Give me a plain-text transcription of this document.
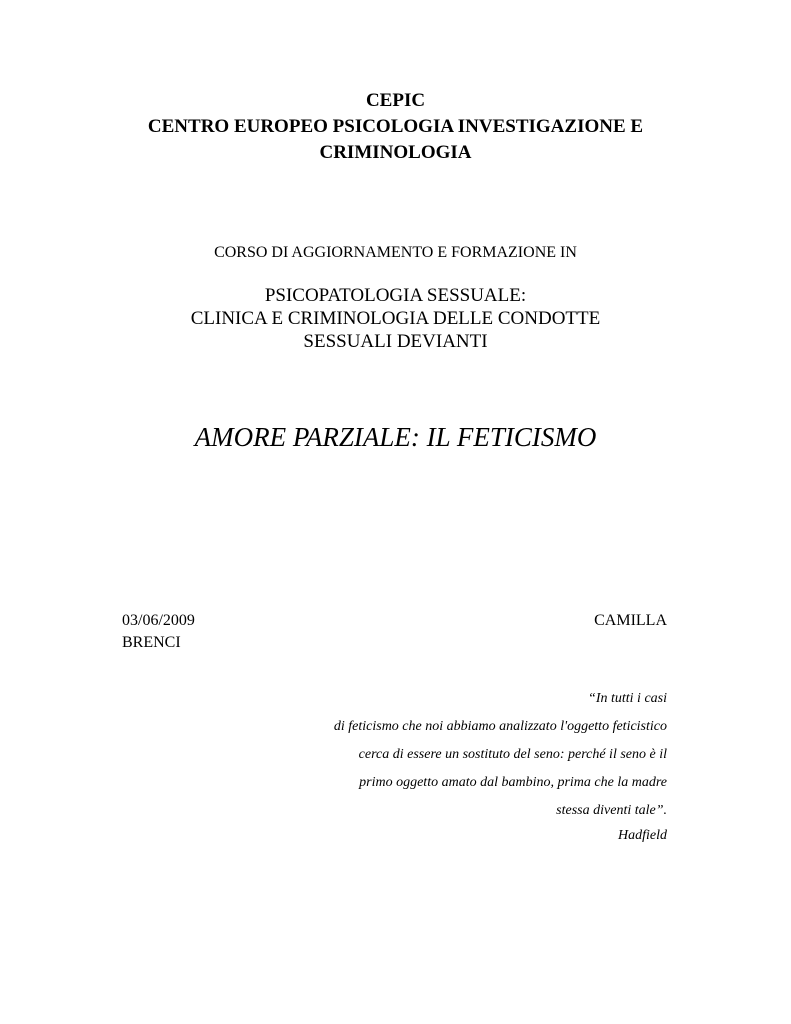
CEPIC
CENTRO EUROPEO PSICOLOGIA INVESTIGAZIONE E
CRIMINOLOGIA
CORSO DI AGGIORNAMENTO E FORMAZIONE IN
PSICOPATOLOGIA SESSUALE:
CLINICA E CRIMINOLOGIA DELLE CONDOTTE
SESSUALI DEVIANTI
AMORE PARZIALE: IL FETICISMO
03/06/2009	CAMILLA
BRENCI
“In tutti i casi
di feticismo che noi abbiamo analizzato l'oggetto feticistico
cerca di essere un sostituto del seno: perché il seno è il
primo oggetto amato dal bambino, prima che la madre
stessa diventi tale”.
Hadfield
